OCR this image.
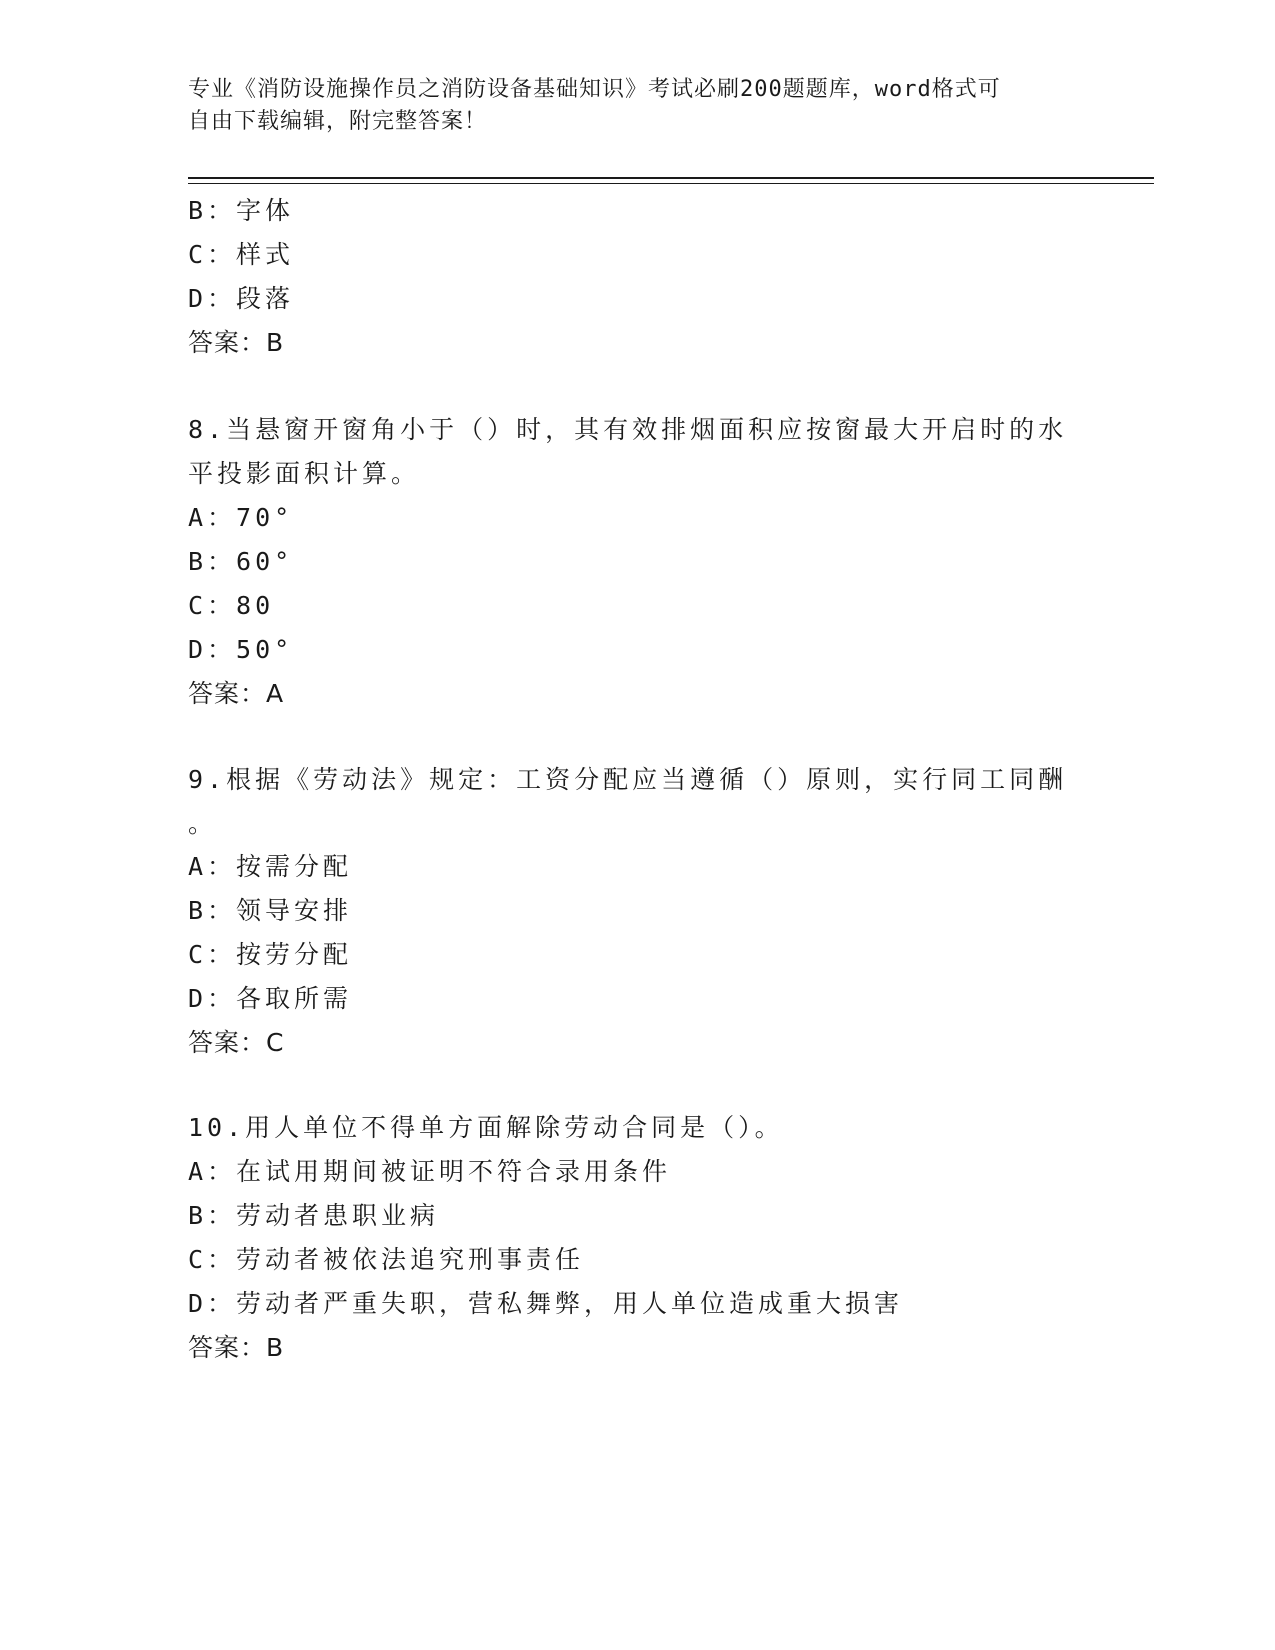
专业《消防设施操作员之消防设备基础知识》考试必刷200题题库，word格式可
自由下载编辑，附完整答案！
B：字体
C：样式
D：段落
答案：B
8.当悬窗开窗角小于（）时，其有效排烟面积应按窗最大开启时的水
平投影面积计算。
A：70°
B：60°
C：80
D：50°
答案：A
9.根据《劳动法》规定：工资分配应当遵循（）原则，实行同工同酬
。
A：按需分配
B：领导安排
C：按劳分配
D：各取所需
答案：C
10.用人单位不得单方面解除劳动合同是（）。
A：在试用期间被证明不符合录用条件
B：劳动者患职业病
C：劳动者被依法追究刑事责任
D：劳动者严重失职，营私舞弊，用人单位造成重大损害
答案：B
